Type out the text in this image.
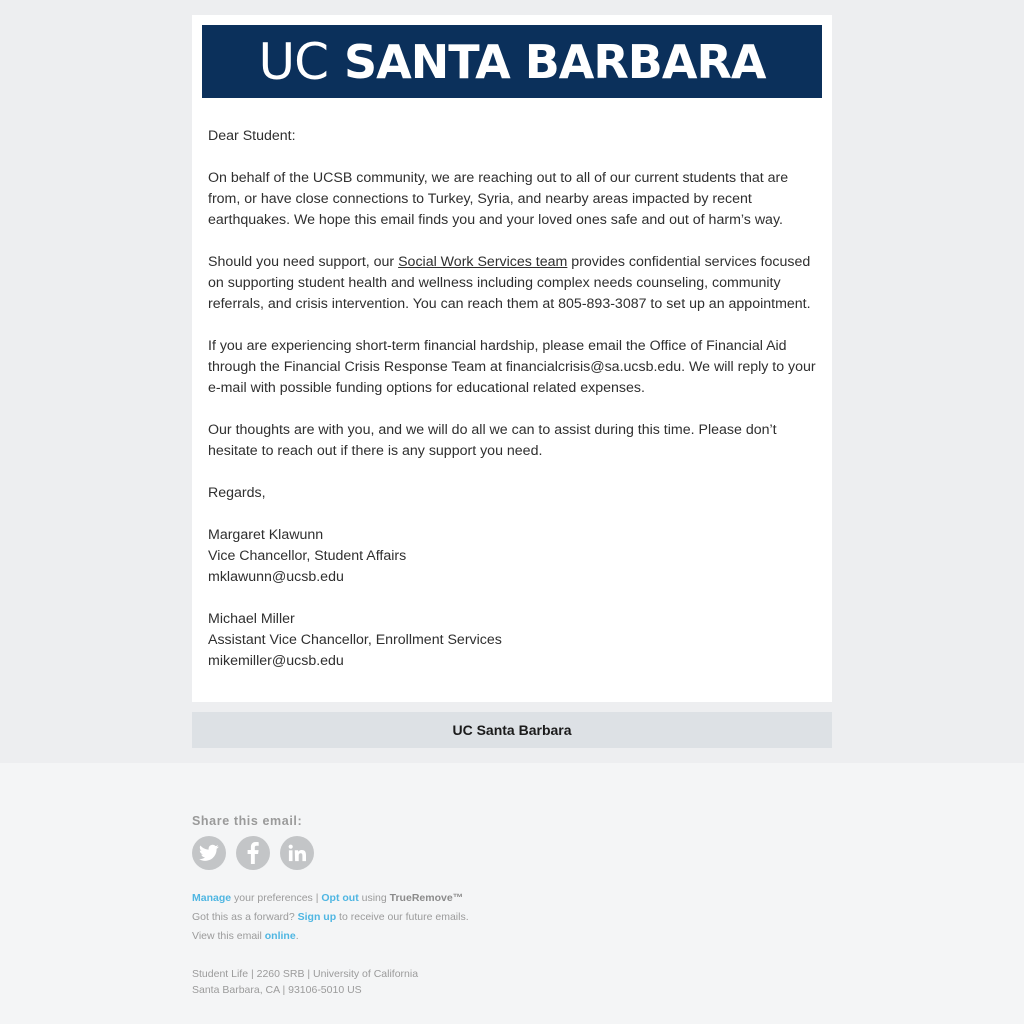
UC SANTA BARBARA

Dear Student:

On behalf of the UCSB community, we are reaching out to all of our current students that are from, or have close connections to Turkey, Syria, and nearby areas impacted by recent earthquakes. We hope this email finds you and your loved ones safe and out of harm’s way.

Should you need support, our Social Work Services team provides confidential services focused on supporting student health and wellness including complex needs counseling, community referrals, and crisis intervention. You can reach them at 805-893-3087 to set up an appointment.

If you are experiencing short-term financial hardship, please email the Office of Financial Aid through the Financial Crisis Response Team at financialcrisis@sa.ucsb.edu. We will reply to your e-mail with possible funding options for educational related expenses.

Our thoughts are with you, and we will do all we can to assist during this time. Please don’t hesitate to reach out if there is any support you need.

Regards,

Margaret Klawunn
Vice Chancellor, Student Affairs
mklawunn@ucsb.edu

Michael Miller
Assistant Vice Chancellor, Enrollment Services
mikemiller@ucsb.edu

UC Santa Barbara
Share this email:
Manage your preferences | Opt out using TrueRemove™
Got this as a forward? Sign up to receive our future emails.
View this email online.
Student Life | 2260 SRB | University of California
Santa Barbara, CA | 93106-5010 US
